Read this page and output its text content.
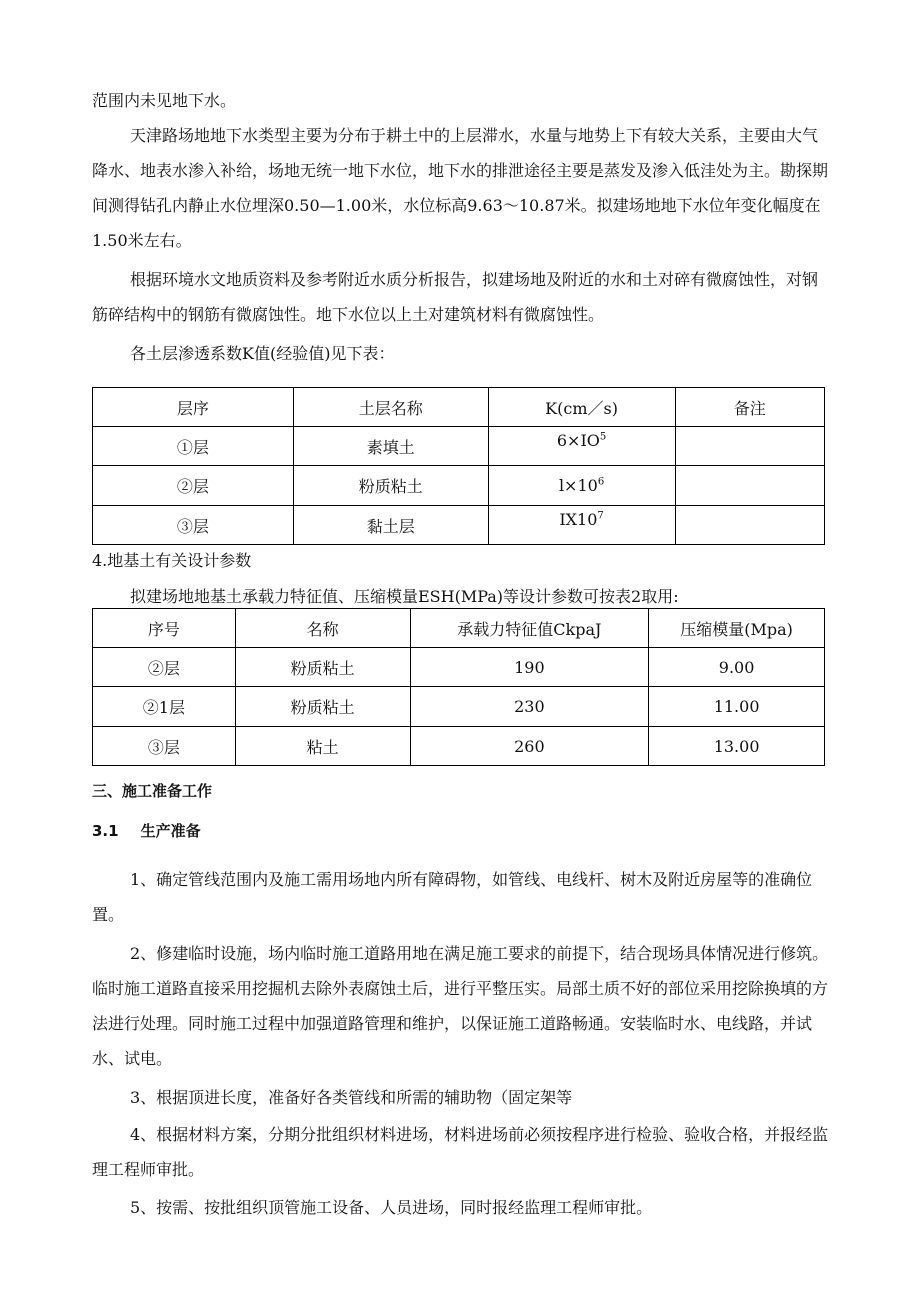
范围内未见地下水。

天津路场地地下水类型主要为分布于耕土中的上层滞水，水量与地势上下有较大关系，主要由大气降水、地表水渗入补给，场地无统一地下水位，地下水的排泄途径主要是蒸发及渗入低洼处为主。勘探期间测得钻孔内静止水位埋深0.50—1.00米，水位标高9.63～10.87米。拟建场地地下水位年变化幅度在1.50米左右。

根据环境水文地质资料及参考附近水质分析报告，拟建场地及附近的水和土对碎有微腐蚀性，对钢筋碎结构中的钢筋有微腐蚀性。地下水位以上土对建筑材料有微腐蚀性。

各土层渗透系数K值(经验值)见下表：

层序	土层名称	K(cm／s)	备注
①层	素填土	$6\times IO^5$	
②层	粉质粘土	$l\times 10^6$	
③层	黏土层	$IX10^7$	
4.地基土有关设计参数
拟建场地地基土承载力特征值、压缩模量ESH(MPa)等设计参数可按表2取用:
序号	名称	承载力特征值CkpaJ	压缩模量(Mpa)
②层	粉质粘土	190	9.00
②1层	粉质粘土	230	11.00
③层	粘土	260	13.00
三、施工准备工作
3.1 生产准备

1、确定管线范围内及施工需用场地内所有障碍物，如管线、电线杆、树木及附近房屋等的准确位置。

2、修建临时设施，场内临时施工道路用地在满足施工要求的前提下，结合现场具体情况进行修筑。临时施工道路直接采用挖掘机去除外表腐蚀土后，进行平整压实。局部土质不好的部位采用挖除换填的方法进行处理。同时施工过程中加强道路管理和维护，以保证施工道路畅通。安装临时水、电线路，并试水、试电。

3、根据顶进长度，准备好各类管线和所需的辅助物（固定架等

4、根据材料方案，分期分批组织材料进场，材料进场前必须按程序进行检验、验收合格，并报经监理工程师审批。

5、按需、按批组织顶管施工设备、人员进场，同时报经监理工程师审批。
